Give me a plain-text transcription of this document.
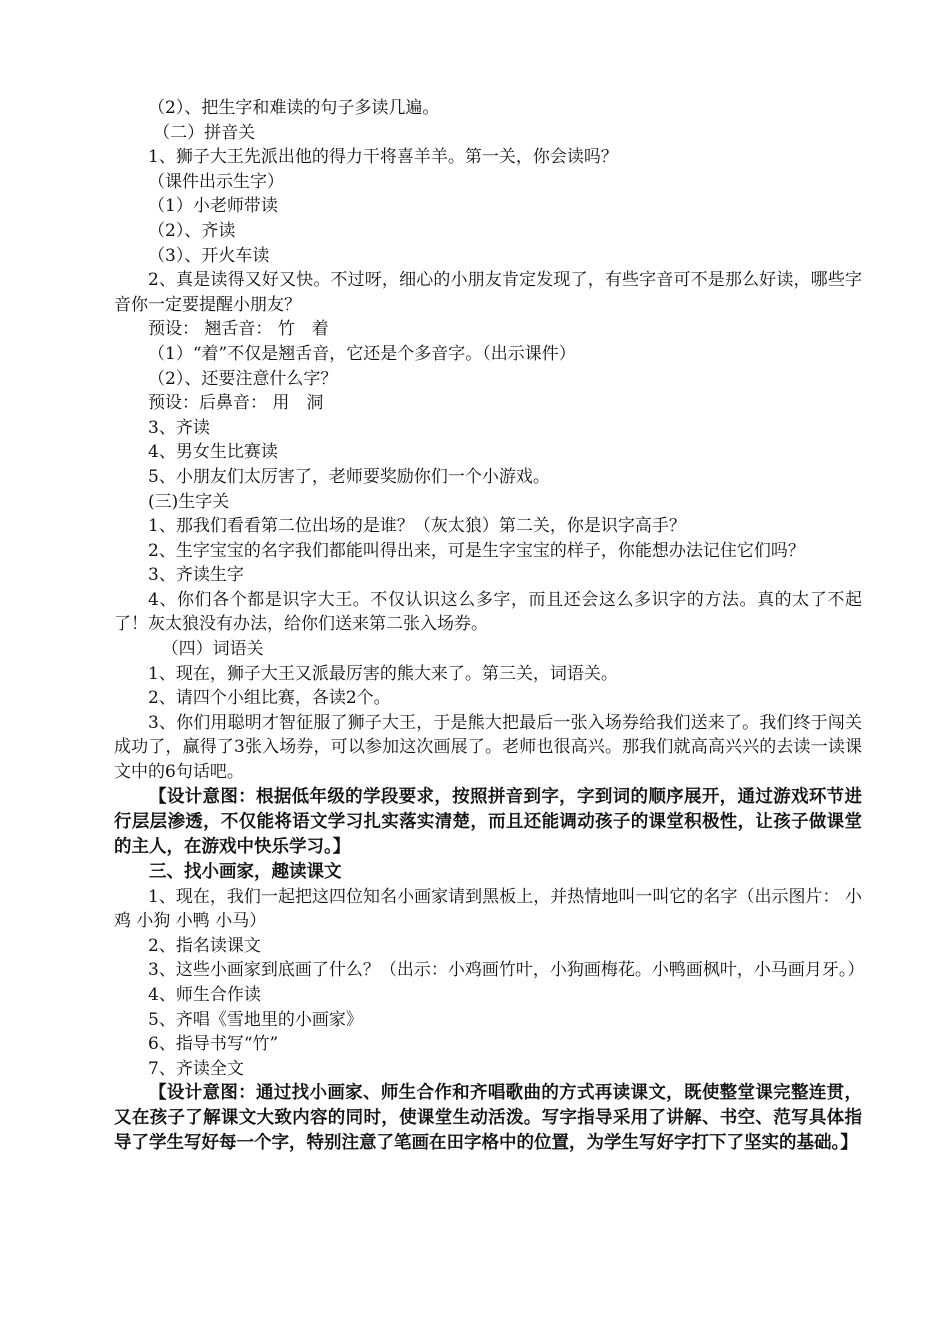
（2）、把生字和难读的句子多读几遍。

（二）拼音关

1、狮子大王先派出他的得力干将喜羊羊。第一关，你会读吗？

（课件出示生字）

（1）小老师带读

（2）、齐读

（3）、开火车读

2、真是读得又好又快。不过呀，细心的小朋友肯定发现了，有些字音可不是那么好读，哪些字音你一定要提醒小朋友？

预设： 翘舌音： 竹　着

（1）“着”不仅是翘舌音，它还是个多音字。（出示课件）

（2）、还要注意什么字？

预设：后鼻音： 用　洞

3、齐读

4、男女生比赛读

5、小朋友们太厉害了，老师要奖励你们一个小游戏。

(三)生字关

1、那我们看看第二位出场的是谁？（灰太狼）第二关，你是识字高手？

2、生字宝宝的名字我们都能叫得出来，可是生字宝宝的样子，你能想办法记住它们吗？

3、齐读生字

4、你们各个都是识字大王。不仅认识这么多字，而且还会这么多识字的方法。真的太了不起了！灰太狼没有办法，给你们送来第二张入场券。

（四）词语关

1、现在，狮子大王又派最厉害的熊大来了。第三关，词语关。

2、请四个小组比赛，各读2个。

3、你们用聪明才智征服了狮子大王，于是熊大把最后一张入场券给我们送来了。我们终于闯关成功了，赢得了3张入场券，可以参加这次画展了。老师也很高兴。那我们就高高兴兴的去读一读课文中的6句话吧。

【设计意图：根据低年级的学段要求，按照拼音到字，字到词的顺序展开，通过游戏环节进行层层渗透，不仅能将语文学习扎实落实清楚，而且还能调动孩子的课堂积极性，让孩子做课堂的主人，在游戏中快乐学习。】

三、找小画家，趣读课文

1、现在，我们一起把这四位知名小画家请到黑板上，并热情地叫一叫它的名字（出示图片： 小鸡 小狗 小鸭 小马）

2、指名读课文

3、这些小画家到底画了什么？（出示：小鸡画竹叶，小狗画梅花。小鸭画枫叶，小马画月牙。）

4、师生合作读

5、齐唱《雪地里的小画家》

6、指导书写“竹”

7、齐读全文

【设计意图：通过找小画家、师生合作和齐唱歌曲的方式再读课文，既使整堂课完整连贯，又在孩子了解课文大致内容的同时，使课堂生动活泼。写字指导采用了讲解、书空、范写具体指导了学生写好每一个字，特别注意了笔画在田字格中的位置，为学生写好字打下了坚实的基础。】
